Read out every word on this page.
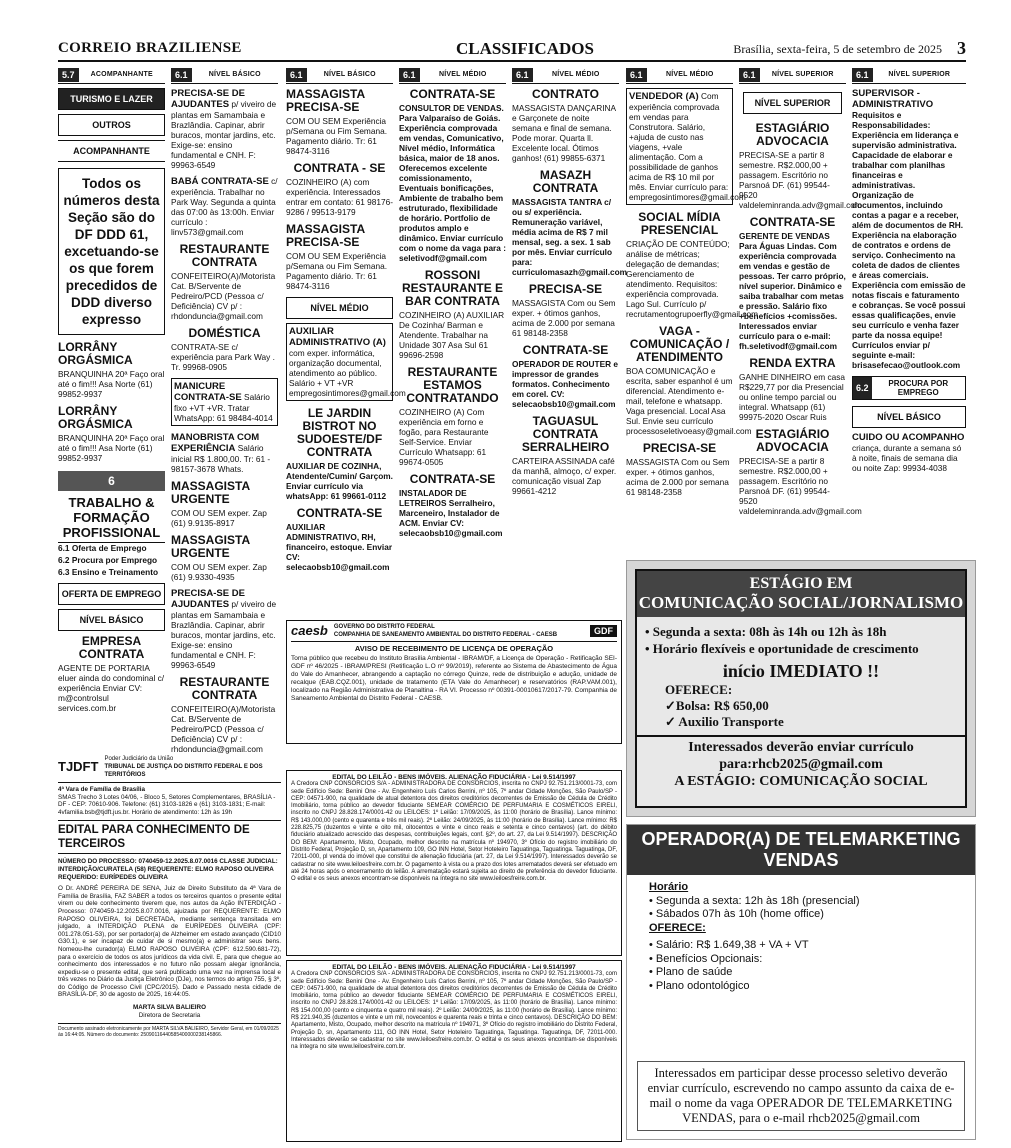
CORREIO BRAZILIENSE	CLASSIFICADOS	Brasília, sexta-feira, 5 de setembro de 2025 3
5.7	ACOMPANHANTE
TURISMO E LAZER
OUTROS
ACOMPANHANTE
Todos os números desta Seção são do DF DDD 61, excetuando-se os que forem precedidos de DDD diverso expresso
LORRÂNY ORGÁSMICA
BRANQUINHA 20ª Faço oral até o fim!!! Asa Norte (61) 99852-9937
LORRÂNY ORGÁSMICA
BRANQUINHA 20ª Faço oral até o fim!!! Asa Norte (61) 99852-9937
6
TRABALHO & FORMAÇÃO PROFISSIONAL
6.1 Oferta de Emprego
6.2 Procura por Emprego
6.3 Ensino e Treinamento
OFERTA DE EMPREGO
NÍVEL BÁSICO
EMPRESA CONTRATA
AGENTE DE PORTARIA eluer ainda do condominal c/ experiência Enviar CV: m@controlsul services.com.br
6.1	NÍVEL BÁSICO
PRECISA-SE DE AJUDANTES p/ viveiro de plantas em Samambaia e Brazlândia. Capinar, abrir buracos, montar jardins, etc. Exige-se: ensino fundamental e CNH. F: 99963-6549
BABÁ CONTRATA-SE c/ experiência. Trabalhar no Park Way. Segunda a quinta das 07:00 às 13:00h. Enviar currículo : linv573@gmail.com
RESTAURANTE CONTRATA
CONFEITEIRO(A)/Motorista Cat. B/Servente de Pedreiro/PCD (Pessoa c/ Deficiência) CV p/ : rhdonduncia@gmail.com
DOMÉSTICA
CONTRATA-SE c/ experiência para Park Way . Tr. 99968-0905
MANICURE CONTRATA-SE Salário fixo +VT +VR. Tratar WhatsApp: 61 98484-4014
MANOBRISTA COM EXPERIÊNCIA Salário inicial R$ 1.800,00. Tr: 61 - 98157-3678 Whats.
MASSAGISTA URGENTE
COM OU SEM exper. Zap (61) 9.9135-8917
MASSAGISTA URGENTE
COM OU SEM exper. Zap (61) 9.9330-4935
PRECISA-SE DE AJUDANTES p/ viveiro de plantas em Samambaia e Brazlândia. Capinar, abrir buracos, montar jardins, etc. Exige-se: ensino fundamental e CNH. F: 99963-6549
RESTAURANTE CONTRATA
CONFEITEIRO(A)/Motorista Cat. B/Servente de Pedreiro/PCD (Pessoa c/ Deficiência) CV p/ : rhdonduncia@gmail.com
6.1	NÍVEL BÁSICO
MASSAGISTA PRECISA-SE
COM OU SEM Experiência p/Semana ou Fim Semana. Pagamento diário. Tr: 61 98474-3116
CONTRATA - SE
COZINHEIRO (A) com experiência. Interessados entrar em contato: 61 98176-9286 / 99513-9179
MASSAGISTA PRECISA-SE
COM OU SEM Experiência p/Semana ou Fim Semana. Pagamento diário. Tr: 61 98474-3116
NÍVEL MÉDIO
AUXILIAR ADMINISTRATIVO (A) com exper. informática, organização documental, atendimento ao público. Salário + VT +VR empregosintimores@gmail.com
LE JARDIN BISTROT NO SUDOESTE/DF CONTRATA
AUXILIAR DE COZINHA, Atendente/Cumin/ Garçom. Enviar currículo via whatsApp: 61 99661-0112
CONTRATA-SE
AUXILIAR ADMINISTRATIVO, RH, financeiro, estoque. Enviar CV: selecaobsb10@gmail.com
6.1	NÍVEL MÉDIO
CONTRATA-SE
CONSULTOR DE VENDAS. Para Valparaíso de Goiás. Experiência comprovada em vendas, Comunicativo, Nível médio, Informática básica, maior de 18 anos. Oferecemos excelente comissionamento, Eventuais bonificações, Ambiente de trabalho bem estruturado, flexibilidade de horário. Portfolio de produtos amplo e dinâmico. Enviar currículo com o nome da vaga para : seletivodf@gmail.com
ROSSONI RESTAURANTE E BAR CONTRATA
COZINHEIRO (A) AUXILIAR De Cozinha/ Barman e Atendente. Trabalhar na Unidade 307 Asa Sul 61 99696-2598
RESTAURANTE ESTAMOS CONTRATANDO
COZINHEIRO (A) Com experiência em forno e fogão, para Restaurante Self-Service. Enviar Currículo Whatsapp: 61 99674-0505
CONTRATA-SE
INSTALADOR DE LETREIROS Serralheiro, Marceneiro, Instalador de ACM. Enviar CV: selecaobsb10@gmail.com
6.1	NÍVEL MÉDIO
CONTRATO
MASSAGISTA DANÇARINA e Garçonete de noite semana e final de semana. Pode morar. Quarta ll. Excelente local. Ótimos ganhos! (61) 99855-6371
MASAZH CONTRATA
MASSAGISTA TANTRA c/ ou s/ experiência. Remuneração variável, média acima de R$ 7 mil mensal, seg. a sex. 1 sab por mês. Enviar currículo para: curriculomasazh@gmail.com
PRECISA-SE
MASSAGISTA Com ou Sem exper. + ótimos ganhos, acima de 2.000 por semana 61 98148-2358
CONTRATA-SE
OPERADOR DE ROUTER e impressor de grandes formatos. Conhecimento em corel. CV: selecaobsb10@gmail.com
TAGUASUL CONTRATA SERRALHEIRO
CARTEIRA ASSINADA café da manhã, almoço, c/ exper. comunicação visual Zap 99661-4212
6.1	NÍVEL MÉDIO
VENDEDOR (A) Com experiência comprovada em vendas para Construtora. Salário, +ajuda de custo nas viagens, +vale alimentação. Com a possibilidade de ganhos acima de R$ 10 mil por mês. Enviar currículo para: empregosintimores@gmail.com
SOCIAL MÍDIA PRESENCIAL
CRIAÇÃO DE CONTEÚDO; análise de métricas; delegação de demandas; Gerenciamento de atendimento. Requisitos: experiência comprovada. Lago Sul. Currículo p/ recrutamentogrupoerfly@gmail.com
VAGA - COMUNICAÇÃO / ATENDIMENTO
BOA COMUNICAÇÃO e escrita, saber espanhol é um diferencial. Atendimento e-mail, telefone e whatsapp. Vaga presencial. Local Asa Sul. Envie seu currículo processoseletivoeasy@gmail.com
PRECISA-SE
MASSAGISTA Com ou Sem exper. + ótimos ganhos, acima de 2.000 por semana 61 98148-2358
6.1	NÍVEL SUPERIOR
NÍVEL SUPERIOR
ESTAGIÁRIO ADVOCACIA
PRECISA-SE a partir 8 semestre. R$2.000,00 + passagem. Escritório no Parsnoá DF. (61) 99544-9520 valdeleminranda.adv@gmail.com
CONTRATA-SE
GERENTE DE VENDAS Para Águas Lindas. Com experiência comprovada em vendas e gestão de pessoas. Ter carro próprio, nível superior. Dinâmico e saiba trabalhar com metas e pressão. Salário fixo +benefícios +comissões. Interessados enviar currículo para o e-mail: fh.seletivodf@gmail.com
RENDA EXTRA
GANHE DINHEIRO em casa R$229,77 por dia Presencial ou online tempo parcial ou integral. Whatsapp (61) 99975-2020 Oscar Ruis
ESTAGIÁRIO ADVOCACIA
PRECISA-SE a partir 8 semestre. R$2.000,00 + passagem. Escritório no Parsnoá DF. (61) 99544-9520 valdeleminranda.adv@gmail.com
6.1	NÍVEL SUPERIOR
SUPERVISOR - ADMINISTRATIVO Requisitos e Responsabilidades: Experiência em liderança e supervisão administrativa. Capacidade de elaborar e trabalhar com planilhas financeiras e administrativas. Organização de documentos, incluindo contas a pagar e a receber, além de documentos de RH. Experiência na elaboração de contratos e ordens de serviço. Conhecimento na coleta de dados de clientes e áreas comerciais. Experiência com emissão de notas fiscais e faturamento e cobranças. Se você possui essas qualificações, envie seu currículo e venha fazer parte da nossa equipe! Currículos enviar p/ seguinte e-mail: brisasefecao@outlook.com
6.2	PROCURA POR EMPREGO
NÍVEL BÁSICO
CUIDO OU ACOMPANHO criança, durante a semana só à noite, finais de semana dia ou noite Zap: 99934-4038
caesb GOVERNO DO DISTRITO FEDERAL
COMPANHIA DE SANEAMENTO AMBIENTAL DO DISTRITO FEDERAL - CAESB	GDF
AVISO DE RECEBIMENTO DE LICENÇA DE OPERAÇÃO
Torna público que recebeu do Instituto Brasília Ambiental - IBRAM/DF, a Licença de Operação - Retificação SEI-GDF nº 46/2025 - IBRAM/PRESI (Retificação L.O nº 99/2019), referente ao Sistema de Abastecimento de Água do Vale do Amanhecer, abrangendo a captação no córrego Quinze, rede de distribuição e adução, unidade de recalque (EAB.CQZ.001), unidade de tratamento (ETA Vale do Amanhecer) e reservatórios (RAP.VAM.001), localizado na Região Administrativa de Planaltina - RA VI. Processo nº 00391-00010617/2017-79. Companhia de Saneamento Ambiental do Distrito Federal - CAESB.
EDITAL DO LEILÃO - BENS IMÓVEIS. ALIENAÇÃO FIDUCIÁRIA - Lei 9.514/1997
A Credora CNP CONSÓRCIOS S/A - ADMINISTRADORA DE CONSÓRCIOS, inscrita no CNPJ 92.751.213/0001-73, com sede Edifício Sede: Benini One - Av. Engenheiro Luís Carlos Berrini, nº 105, 7º andar Cidade Monções, São Paulo/SP - CEP: 04571-900, na qualidade de atual detentora dos direitos creditórios decorrentes de Emissão de Cédula de Crédito Imobiliário, torna público ao devedor fiduciante SEMEAR COMÉRCIO DE PERFUMARIA E COSMÉTICOS EIRELI, inscrito no CNPJ 28.828.174/0001-42 ou LEILOES: 1º Leilão: 17/09/2025, às 11:00 (horário de Brasília). Lance mínimo: R$ 143.000,00 (cento e quarenta e três mil reais). 2º Leilão: 24/09/2025, às 11:00 (horário de Brasília). Lance mínimo: R$ 228.825,75 (duzentos e vinte e oito mil, oitocentos e vinte e cinco reais e setenta e cinco centavos) (art. do débito fiduciário atualizado acrescido das despesas, contribuições legais, conf. §2º, do art. 27, da Lei 9.514/1997). DESCRIÇÃO DO BEM: Apartamento, Misto, Ocupado, melhor descrito na matrícula nº 194970, 3º Ofício do registro imobiliário do Distrito Federal, Projeção D, sn, Apartamento 109, GO INN Hotel, Setor Hoteleiro Taguatinga, Taguatinga. Taguatinga, DF, 72011-000, pl venda do imóvel que constitui de alienação fiduciária (art. 27, da Lei 9.514/1997). Interessados deverão se cadastrar no site www.leiloesfreire.com.br. O pagamento à vista ou a prazo dos lotes arrematados deverá ser efetuado em até 24 horas após o encerramento do leilão. A arrematação estará sujeita ao direito de preferência do devedor fiduciante. O edital e os seus anexos encontram-se disponíveis na íntegra no site www.leiloesfreire.com.br.
EDITAL DO LEILÃO - BENS IMÓVEIS. ALIENAÇÃO FIDUCIÁRIA - Lei 9.514/1997
A Credora CNP CONSÓRCIOS S/A - ADMINISTRADORA DE CONSÓRCIOS, inscrita no CNPJ 92.751.213/0001-73, com sede Edifício Sede: Benini One - Av. Engenheiro Luís Carlos Berrini, nº 105, 7º andar Cidade Monções, São Paulo/SP - CEP: 04571-900, na qualidade de atual detentora dos direitos creditórios decorrentes de Emissão de Cédula de Crédito Imobiliário, torna público ao devedor fiduciante SEMEAR COMÉRCIO DE PERFUMARIA E COSMÉTICOS EIRELI, inscrito no CNPJ 28.828.174/0001-42 ou LEILOES: 1º Leilão: 17/09/2025, às 11:00 (horário de Brasília). Lance mínimo: R$ 154.000,00 (cento e cinquenta e quatro mil reais). 2º Leilão: 24/09/2025, às 11:00 (horário de Brasília). Lance mínimo: R$ 221.940,35 (duzentos e vinte e um mil, novecentos e quarenta reais e trinta e cinco centavos). DESCRIÇÃO DO BEM: Apartamento, Misto, Ocupado, melhor descrito na matrícula nº 194971, 3º Ofício do registro imobiliário do Distrito Federal, Projeção D, sn, Apartamento 111, GO INN Hotel, Setor Hoteleiro Taguatinga, Taguatinga. Taguatinga, DF, 72011-000. Interessados deverão se cadastrar no site www.leiloesfreire.com.br. O edital e os seus anexos encontram-se disponíveis na íntegra no site www.leiloesfreire.com.br.
TJDFT
Poder Judiciário da União
TRIBUNAL DE JUSTIÇA DO DISTRITO FEDERAL E DOS TERRITÓRIOS
4ª Vara de Família de Brasília
SMAS Trecho 3 Lotes 04/06, - Bloco 5, Setores Complementares, BRASÍLIA - DF - CEP: 70610-906. Telefone: (61) 3103-1826 e (61) 3103-1831; E-mail: 4vfamilia.bsb@tjdft.jus.br. Horário de atendimento: 12h às 19h
EDITAL PARA CONHECIMENTO DE TERCEIROS
NÚMERO DO PROCESSO: 0740459-12.2025.8.07.0016 CLASSE JUDICIAL: INTERDIÇÃO/CURATELA (58) REQUERENTE: ELMO RAPOSO OLIVEIRA REQUERIDO: EURÍPEDES OLIVEIRA
O Dr. ANDRÉ PEREIRA DE SENA, Juiz de Direito Substituto da 4ª Vara de Família de Brasília, FAZ SABER a todos os terceiros quantos o presente edital virem ou dele conhecimento tiverem que, nos autos da Ação INTERDIÇÃO - Processo: 0740459-12.2025.8.07.0016, ajuizada por REQUERENTE: ELMO RAPOSO OLIVEIRA, foi DECRETADA, mediante sentença transitada em julgado, a INTERDIÇÃO PLENA de EURÍPEDES OLIVEIRA (CPF: 001.278.051-53), por ser portador(a) de Alzheimer em estado avançado (CID10 G30.1), e ser incapaz de cuidar de si mesmo(a) e administrar seus bens. Nomeou-lhe curador(a) ELMO RAPOSO OLIVEIRA (CPF: 612.590.681-72), para o exercício de todos os atos jurídicos da vida civil. E, para que chegue ao conhecimento dos interessados e no futuro não possam alegar ignorância, expediu-se o presente edital, que será publicado uma vez na imprensa local e três vezes no Diário da Justiça Eletrônico (DJe), nos termos do artigo 755, § 3º, do Código de Processo Civil (CPC/2015). Dado e Passado nesta cidade de BRASÍLIA-DF, 30 de agosto de 2025, 16:44:05.
MARTA SILVA BALIEIRO
Diretora de Secretaria
Documento assinado eletronicamente por MARTA SILVA BALIEIRO, Servidor Geral, em 01/09/2025 às 16:44:05. Número do documento: 25090116440585400000238145866.
ESTÁGIO EM
COMUNICAÇÃO SOCIAL/JORNALISMO
• Segunda a sexta: 08h às 14h ou 12h às 18h
• Horário flexíveis e oportunidade de crescimento
início IMEDIATO !!
OFERECE:
✓Bolsa: R$ 650,00
✓ Auxilio Transporte
Interessados deverão enviar currículo
para:rhcb2025@gmail.com
A ESTÁGIO: COMUNICAÇÃO SOCIAL
OPERADOR(A) DE TELEMARKETING VENDAS
Horário
• Segunda a sexta: 12h às 18h (presencial)
• Sábados 07h às 10h (home office)
OFERECE:
• Salário: R$ 1.649,38 + VA + VT
• Benefícios Opcionais:
• Plano de saúde
• Plano odontológico
Interessados em participar desse processo seletivo deverão enviar currículo, escrevendo no campo assunto da caixa de e-mail o nome da vaga OPERADOR DE TELEMARKETING VENDAS, para o e-mail rhcb2025@gmail.com
